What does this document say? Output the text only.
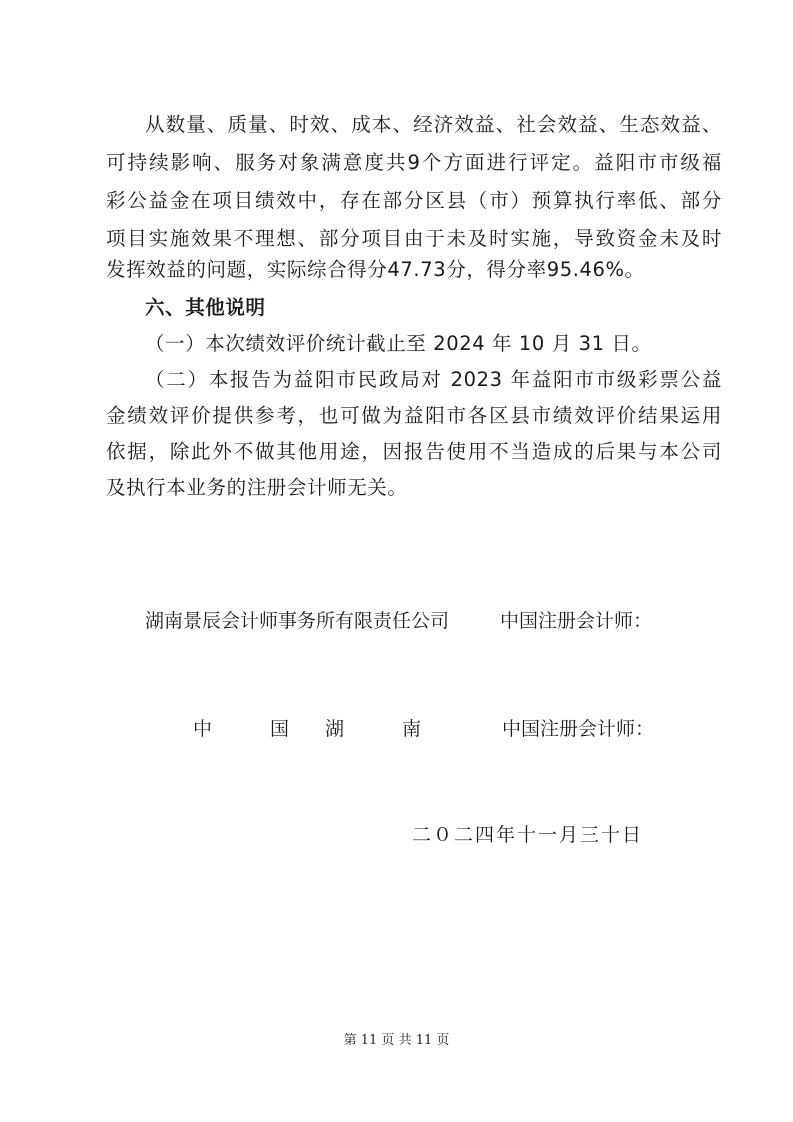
从数量、质量、时效、成本、经济效益、社会效益、生态效益、
可持续影响、服务对象满意度共9个方面进行评定。益阳市市级福
彩公益金在项目绩效中，存在部分区县（市）预算执行率低、部分
项目实施效果不理想、部分项目由于未及时实施，导致资金未及时
发挥效益的问题，实际综合得分47.73分，得分率95.46%。
六、其他说明
（一）本次绩效评价统计截止至 2024 年 10 月 31 日。
（二）本报告为益阳市民政局对 2023 年益阳市市级彩票公益
金绩效评价提供参考，也可做为益阳市各区县市绩效评价结果运用
依据，除此外不做其他用途，因报告使用不当造成的后果与本公司
及执行本业务的注册会计师无关。
湖南景辰会计师事务所有限责任公司	中国注册会计师：
中 国 湖 南	中国注册会计师：
二０二四年十一月三十日
第 11 页 共 11 页
